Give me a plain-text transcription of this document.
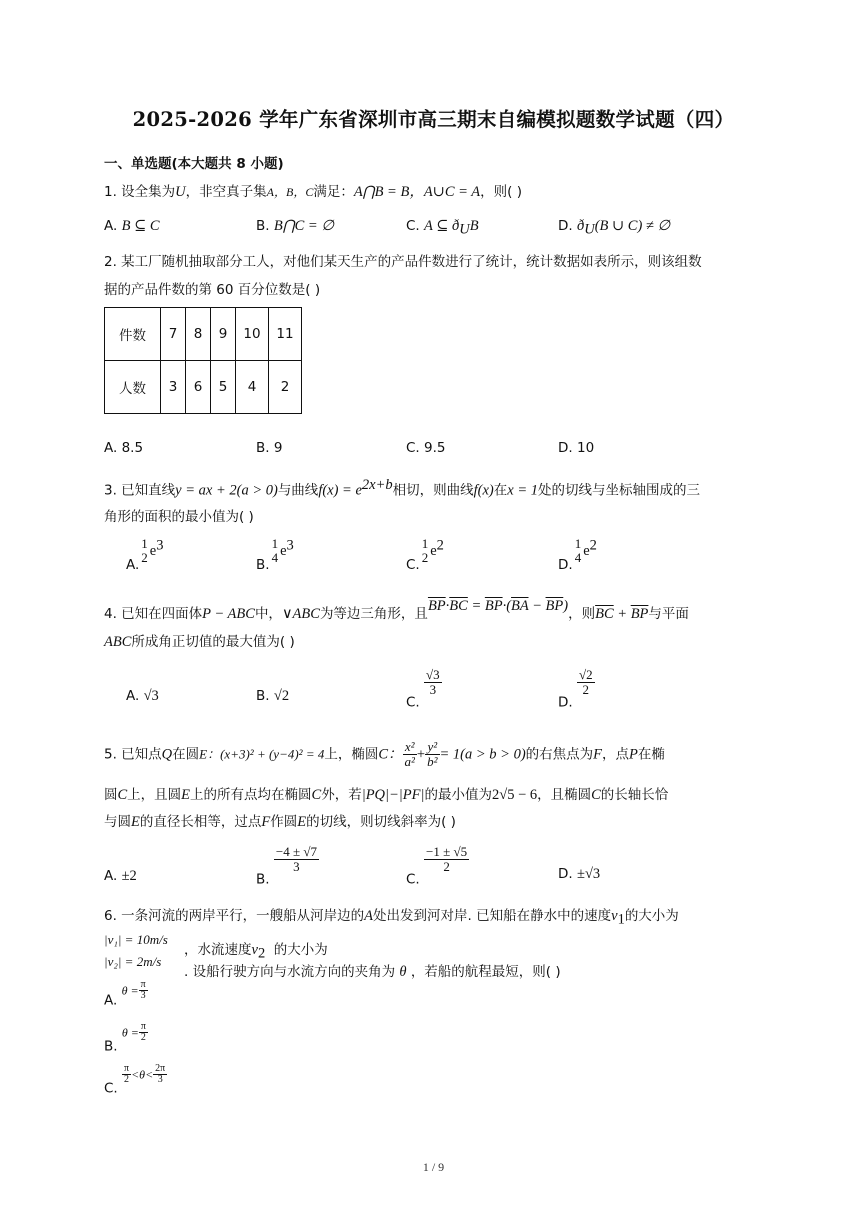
2025-2026 学年广东省深圳市高三期末自编模拟题数学试题（四）
一、单选题(本大题共 8 小题)
1. 设全集为U，非空真子集A，B，C满足：A⋂B = B，A∪C = A，则( )
A. B ⊆ C	B. B⋂C = ∅	C. A ⊆ $ð_UB$	D. $ð_U(B$ ∪ C) ≠ ∅
2. 某工厂随机抽取部分工人，对他们某天生产的产品件数进行了统计，统计数据如表所示，则该组数
据的产品件数的第 60 百分位数是( )
件数	7	8	9	10	11
人数	3	6	5	4	2
A. 8.5	B. 9	C. 9.5	D. 10
3. 已知直线y = ax + 2(a > 0)与曲线$f(x) = e^{2x+b}$相切，则曲线f(x)在x = 1处的切线与坐标轴围成的三
角形的面积的最小值为( )
A.
1
2 $e^3$
B.
1
4 $e^3$
C.
1
2 $e^2$
D.
1
4 $e^2$
4. 已知在四面体P − ABC中，∨ABC为等边三角形，且$\overline{BP}\cdot\overline{BC} = \overline{BP}\cdot(\overline{BA} - \overline{BP})$，则$\overline{BC} + \overline{BP}$与平面
ABC所成角正切值的最大值为( )
A. √3	B. √2	C.
$\frac{√3}{3}$
D.
$\frac{√2}{2}$
5. 已知点Q在圆E：(x+3)² + (y−4)² = 4上，椭圆C： $\frac{\text{x²}}{\text{a²}} + \frac{\text{y²}}{\text{b²}} = 1(a > b > 0)$的右焦点为F，点P在椭
圆C上，且圆E上的所有点均在椭圆C外，若|PQ|−|PF|的最小值为2√5 − 6，且椭圆C的长轴长恰
与圆E的直径长相等，过点F作圆E的切线，则切线斜率为( )
A. ±2	B.
$\frac{-4 \pm √7}{3}$
C.
$\frac{-1 \pm √5}{2}$	D. ±√3
6. 一条河流的两岸平行，一艘船从河岸边的A处出发到河对岸. 已知船在静水中的速度$v_1$的大小为
|v₁| = 10m/s
|v₂| = 2m/s
，水流速度$v_2$ 的大小为
. 设船行驶方向与水流方向的夹角为 θ ，若船的航程最短，则( )
A. $\theta = \frac{\pi}{3}$
B. $\theta = \frac{\pi}{2}$
C.
$\frac{\pi}{2} <\theta< \frac{2\pi}{3}$
1 / 9
